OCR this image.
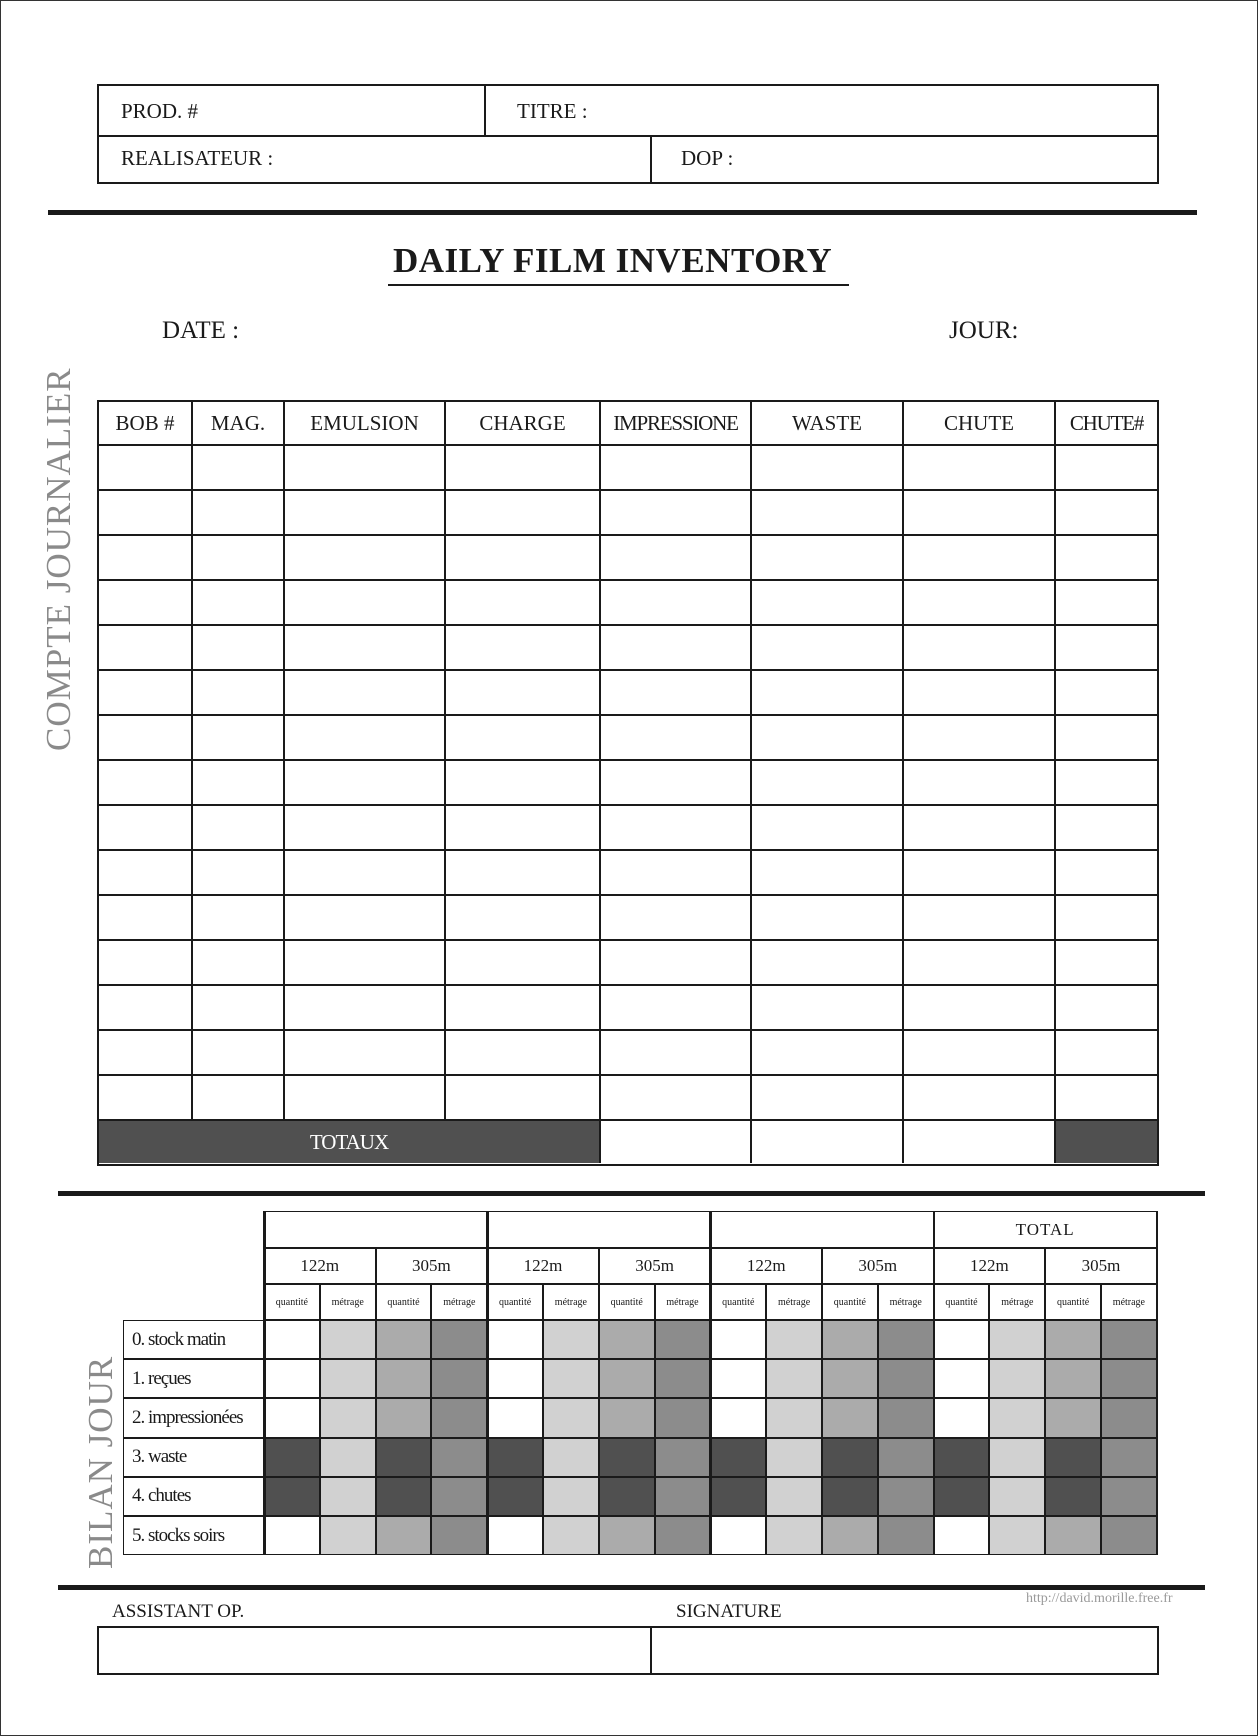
PROD. #	TITRE :
REALISATEUR :	DOP :
DAILY FILM INVENTORY
DATE :	JOUR:
COMPTE JOURNALIER
BILAN JOUR
BOB #	MAG.	EMULSION	CHARGE	IMPRESSIONE	WASTE	CHUTE	CHUTE#
TOTAUX
TOTAL
122m	305m	122m	305m	122m	305m	122m	305m
quantité	métrage	quantité	métrage	quantité	métrage	quantité	métrage	quantité	métrage	quantité	métrage	quantité	métrage	quantité	métrage
0. stock matin
1. reçues
2. impressionées
3. waste
4. chutes
5. stocks soirs
ASSISTANT OP.	SIGNATURE
http://david.morille.free.fr
